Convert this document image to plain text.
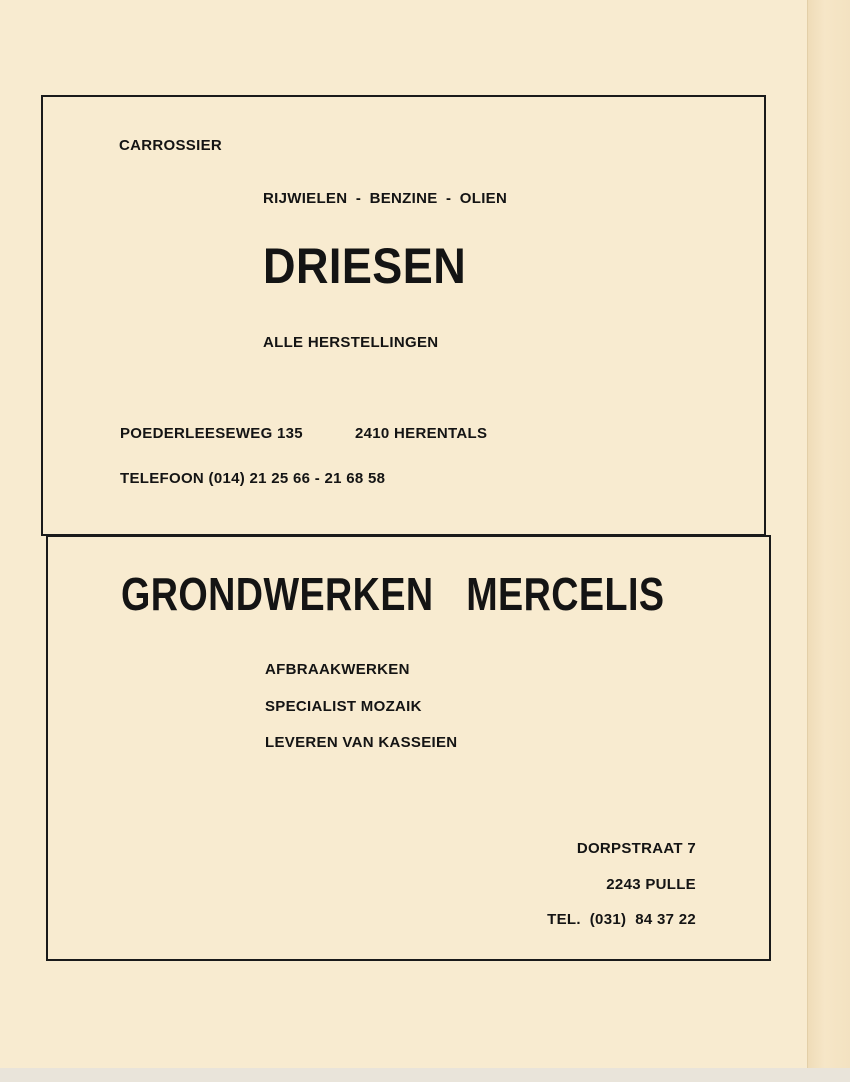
CARROSSIER
RIJWIELEN - BENZINE - OLIEN
DRIESEN
ALLE HERSTELLINGEN
POEDERLEESEWEG 135	2410 HERENTALS
TELEFOON (014) 21 25 66 - 21 68 58
GRONDWERKEN   MERCELIS
AFBRAAKWERKEN
SPECIALIST MOZAIK
LEVEREN VAN KASSEIEN
DORPSTRAAT 7
2243 PULLE
TEL.  (031)  84 37 22
